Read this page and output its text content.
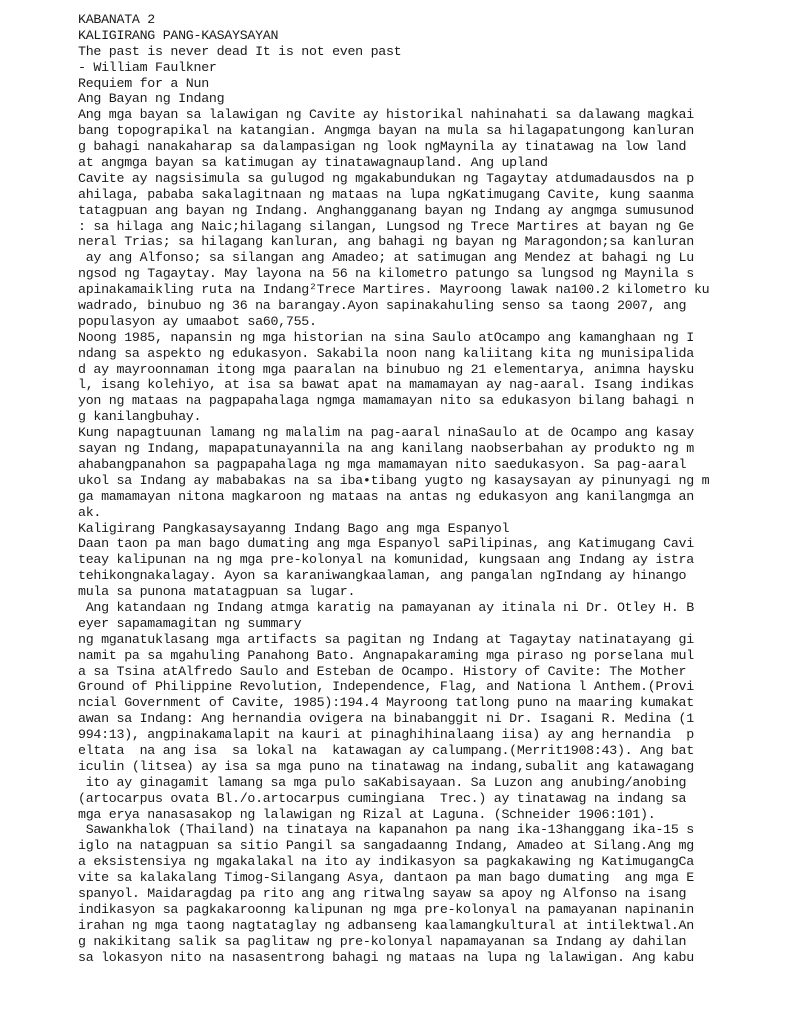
KABANATA 2
KALIGIRANG PANG-KASAYSAYAN
The past is never dead It is not even past
- William Faulkner
Requiem for a Nun
Ang Bayan ng Indang
Ang mga bayan sa lalawigan ng Cavite ay historikal nahinahati sa dalawang magkai
bang topograpikal na katangian. Angmga bayan na mula sa hilagapatungong kanluran
g bahagi nanakaharap sa dalampasigan ng look ngMaynila ay tinatawag na low land
at angmga bayan sa katimugan ay tinatawagnaupland. Ang upland
Cavite ay nagsisimula sa gulugod ng mgakabundukan ng Tagaytay atdumadausdos na p
ahilaga, pababa sakalagitnaan ng mataas na lupa ngKatimugang Cavite, kung saanma
tatagpuan ang bayan ng Indang. Anghangganang bayan ng Indang ay angmga sumusunod
: sa hilaga ang Naic;hilagang silangan, Lungsod ng Trece Martires at bayan ng Ge
neral Trias; sa hilagang kanluran, ang bahagi ng bayan ng Maragondon;sa kanluran
ay ang Alfonso; sa silangan ang Amadeo; at satimugan ang Mendez at bahagi ng Lu
ngsod ng Tagaytay. May layona na 56 na kilometro patungo sa lungsod ng Maynila s
apinakamaikling ruta na Indang²Trece Martires. Mayroong lawak na100.2 kilometro ku
wadrado, binubuo ng 36 na barangay.Ayon sapinakahuling senso sa taong 2007, ang
populasyon ay umaabot sa60,755.
Noong 1985, napansin ng mga historian na sina Saulo atOcampo ang kamanghaan ng I
ndang sa aspekto ng edukasyon. Sakabila noon nang kaliitang kita ng munisipalida
d ay mayroonnaman itong mga paaralan na binubuo ng 21 elementarya, animna haysku
l, isang kolehiyo, at isa sa bawat apat na mamamayan ay nag-aaral. Isang indikas
yon ng mataas na pagpapahalaga ngmga mamamayan nito sa edukasyon bilang bahagi n
g kanilangbuhay.
Kung napagtuunan lamang ng malalim na pag-aaral ninaSaulo at de Ocampo ang kasay
sayan ng Indang, mapapatunayannila na ang kanilang naobserbahan ay produkto ng m
ahabangpanahon sa pagpapahalaga ng mga mamamayan nito saedukasyon. Sa pag-aaral
ukol sa Indang ay mababakas na sa iba•tibang yugto ng kasaysayan ay pinunyagi ng m
ga mamamayan nitona magkaroon ng mataas na antas ng edukasyon ang kanilangmga an
ak.
Kaligirang Pangkasaysayanng Indang Bago ang mga Espanyol
Daan taon pa man bago dumating ang mga Espanyol saPilipinas, ang Katimugang Cavi
teay kalipunan na ng mga pre-kolonyal na komunidad, kungsaan ang Indang ay istra
tehikongnakalagay. Ayon sa karaniwangkaalaman, ang pangalan ngIndang ay hinango
mula sa punona matatagpuan sa lugar.
Ang katandaan ng Indang atmga karatig na pamayanan ay itinala ni Dr. Otley H. B
eyer sapamamagitan ng summary
ng mganatuklasang mga artifacts sa pagitan ng Indang at Tagaytay natinatayang gi
namit pa sa mgahuling Panahong Bato. Angnapakaraming mga piraso ng porselana mul
a sa Tsina atAlfredo Saulo and Esteban de Ocampo. History of Cavite: The Mother
Ground of Philippine Revolution, Independence, Flag, and Nationa l Anthem.(Provi
ncial Government of Cavite, 1985):194.4 Mayroong tatlong puno na maaring kumakat
awan sa Indang: Ang hernandia ovigera na binabanggit ni Dr. Isagani R. Medina (1
994:13), angpinakamalapit na kauri at pinaghihinalaang iisa) ay ang hernandia  p
eltata  na ang isa  sa lokal na  katawagan ay calumpang.(Merrit1908:43). Ang bat
iculin (litsea) ay isa sa mga puno na tinatawag na indang,subalit ang katawagang
ito ay ginagamit lamang sa mga pulo saKabisayaan. Sa Luzon ang anubing/anobing
(artocarpus ovata Bl./o.artocarpus cumingiana  Trec.) ay tinatawag na indang sa
mga erya nanasasakop ng lalawigan ng Rizal at Laguna. (Schneider 1906:101).
Sawankhalok (Thailand) na tinataya na kapanahon pa nang ika-13hanggang ika-15 s
iglo na natagpuan sa sitio Pangil sa sangadaanng Indang, Amadeo at Silang.Ang mg
a eksistensiya ng mgakalakal na ito ay indikasyon sa pagkakawing ng KatimugangCa
vite sa kalakalang Timog-Silangang Asya, dantaon pa man bago dumating  ang mga E
spanyol. Maidaragdag pa rito ang ang ritwalng sayaw sa apoy ng Alfonso na isang
indikasyon sa pagkakaroonng kalipunan ng mga pre-kolonyal na pamayanan napinanin
irahan ng mga taong nagtataglay ng adbanseng kaalamangkultural at intilektwal.An
g nakikitang salik sa paglitaw ng pre-kolonyal napamayanan sa Indang ay dahilan
sa lokasyon nito na nasasentrong bahagi ng mataas na lupa ng lalawigan. Ang kabu
